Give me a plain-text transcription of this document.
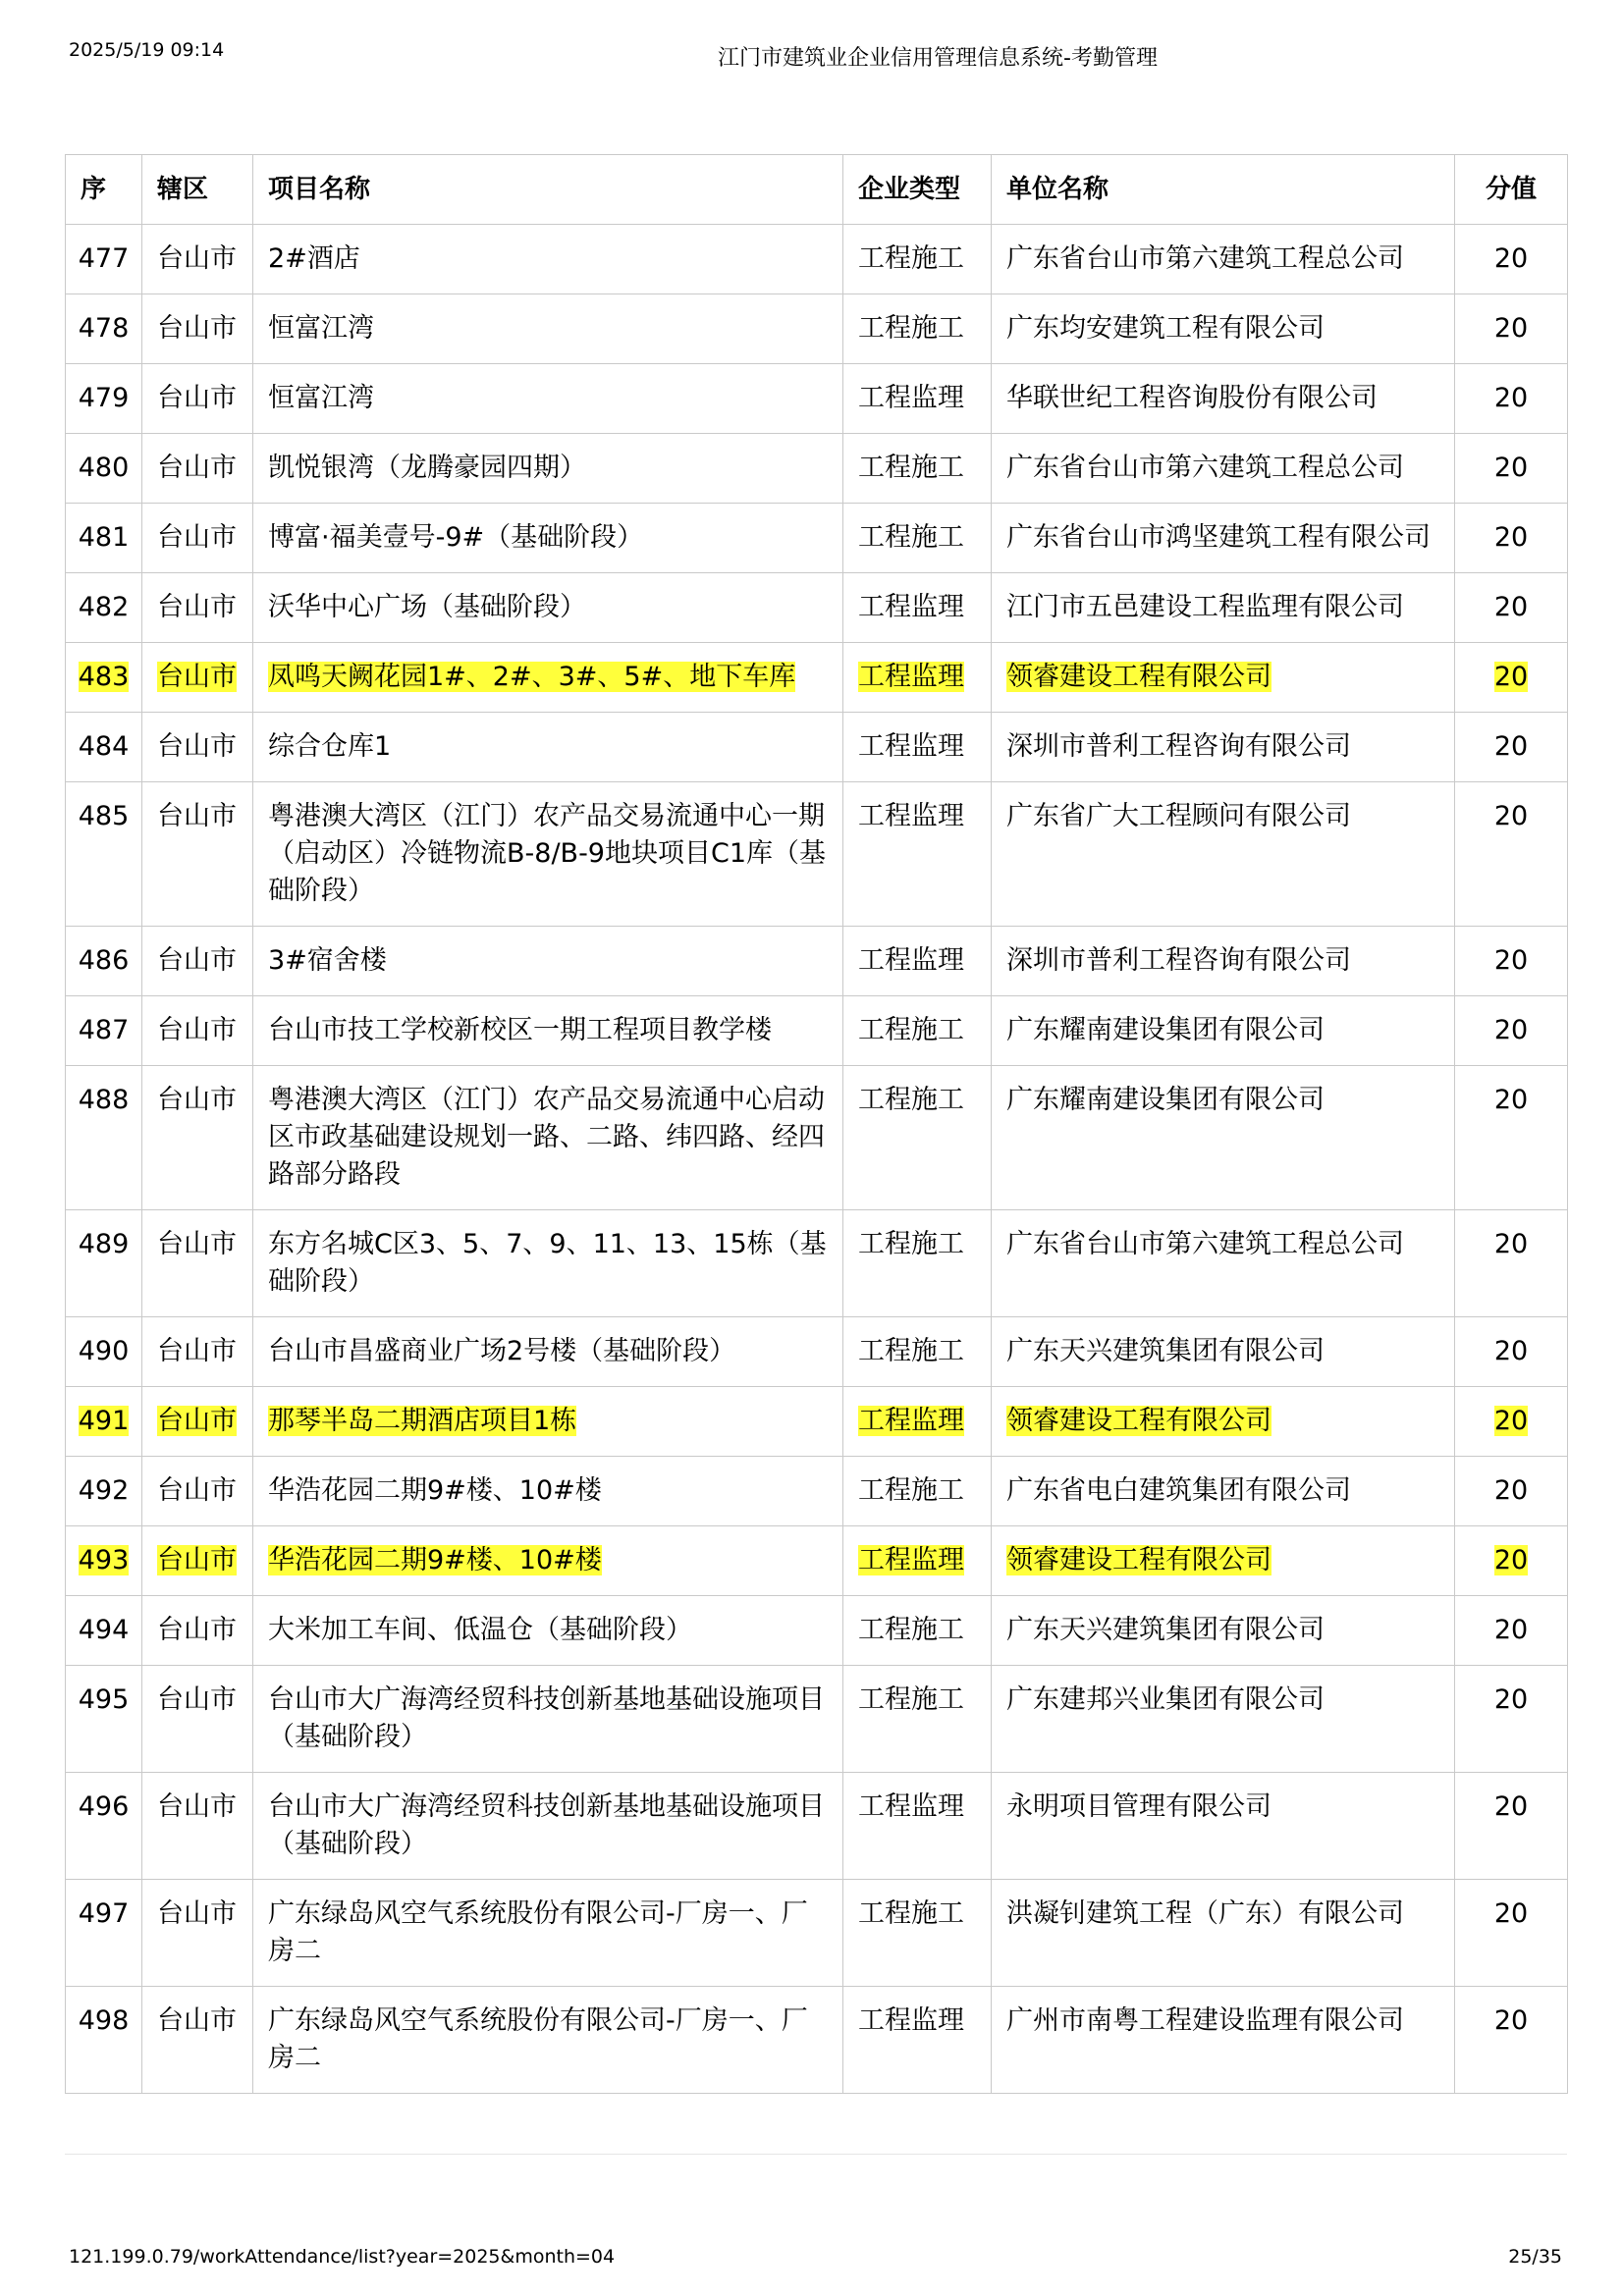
2025/5/19 09:14	江门市建筑业企业信用管理信息系统-考勤管理
序	辖区	项目名称	企业类型	单位名称	分值
477	台山市	2#酒店	工程施工	广东省台山市第六建筑工程总公司	20
478	台山市	恒富江湾	工程施工	广东均安建筑工程有限公司	20
479	台山市	恒富江湾	工程监理	华联世纪工程咨询股份有限公司	20
480	台山市	凯悦银湾（龙腾豪园四期）	工程施工	广东省台山市第六建筑工程总公司	20
481	台山市	博富·福美壹号-9#（基础阶段）	工程施工	广东省台山市鸿坚建筑工程有限公司	20
482	台山市	沃华中心广场（基础阶段）	工程监理	江门市五邑建设工程监理有限公司	20
483	台山市	凤鸣天阙花园1#、2#、3#、5#、地下车库	工程监理	领睿建设工程有限公司	20
484	台山市	综合仓库1	工程监理	深圳市普利工程咨询有限公司	20
485	台山市	粤港澳大湾区（江门）农产品交易流通中心一期（启动区）冷链物流B-8/B-9地块项目C1库（基础阶段）	工程监理	广东省广大工程顾问有限公司	20
486	台山市	3#宿舍楼	工程监理	深圳市普利工程咨询有限公司	20
487	台山市	台山市技工学校新校区一期工程项目教学楼	工程施工	广东耀南建设集团有限公司	20
488	台山市	粤港澳大湾区（江门）农产品交易流通中心启动区市政基础建设规划一路、二路、纬四路、经四路部分路段	工程施工	广东耀南建设集团有限公司	20
489	台山市	东方名城C区3、5、7、9、11、13、15栋（基础阶段）	工程施工	广东省台山市第六建筑工程总公司	20
490	台山市	台山市昌盛商业广场2号楼（基础阶段）	工程施工	广东天兴建筑集团有限公司	20
491	台山市	那琴半岛二期酒店项目1栋	工程监理	领睿建设工程有限公司	20
492	台山市	华浩花园二期9#楼、10#楼	工程施工	广东省电白建筑集团有限公司	20
493	台山市	华浩花园二期9#楼、10#楼	工程监理	领睿建设工程有限公司	20
494	台山市	大米加工车间、低温仓（基础阶段）	工程施工	广东天兴建筑集团有限公司	20
495	台山市	台山市大广海湾经贸科技创新基地基础设施项目（基础阶段）	工程施工	广东建邦兴业集团有限公司	20
496	台山市	台山市大广海湾经贸科技创新基地基础设施项目（基础阶段）	工程监理	永明项目管理有限公司	20
497	台山市	广东绿岛风空气系统股份有限公司-厂房一、厂房二	工程施工	洪凝钊建筑工程（广东）有限公司	20
498	台山市	广东绿岛风空气系统股份有限公司-厂房一、厂房二	工程监理	广州市南粤工程建设监理有限公司	20
121.199.0.79/workAttendance/list?year=2025&month=04	25/35
